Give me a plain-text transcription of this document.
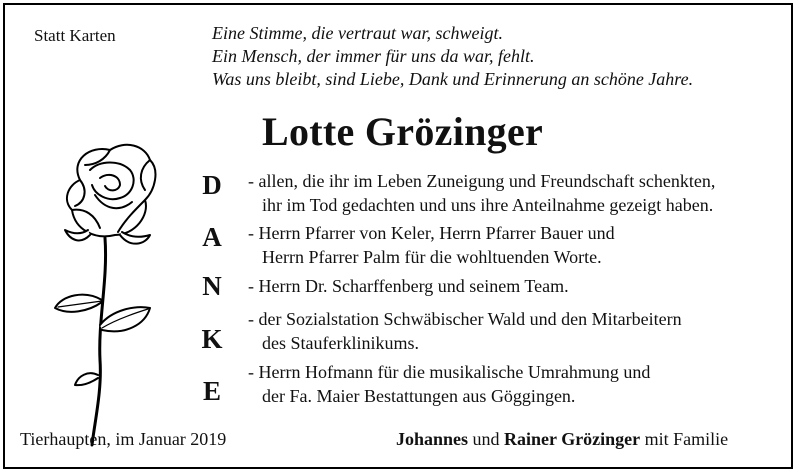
Statt Karten	Eine Stimme, die vertraut war, schweigt.
Ein Mensch, der immer für uns da war, fehlt.
Was uns bleibt, sind Liebe, Dank und Erinnerung an schöne Jahre.
Lotte Grözinger
D
A
N
K
E
- allen, die ihr im Leben Zuneigung und Freundschaft schenkten,
ihr im Tod gedachten und uns ihre Anteilnahme gezeigt haben.
- Herrn Pfarrer von Keler, Herrn Pfarrer Bauer und
Herrn Pfarrer Palm für die wohltuenden Worte.
- Herrn Dr. Scharffenberg und seinem Team.
- der Sozialstation Schwäbischer Wald und den Mitarbeitern
des Stauferklinikums.
- Herrn Hofmann für die musikalische Umrahmung und
der Fa. Maier Bestattungen aus Göggingen.
Tierhaupten, im Januar 2019	Johannes und Rainer Grözinger mit Familie
